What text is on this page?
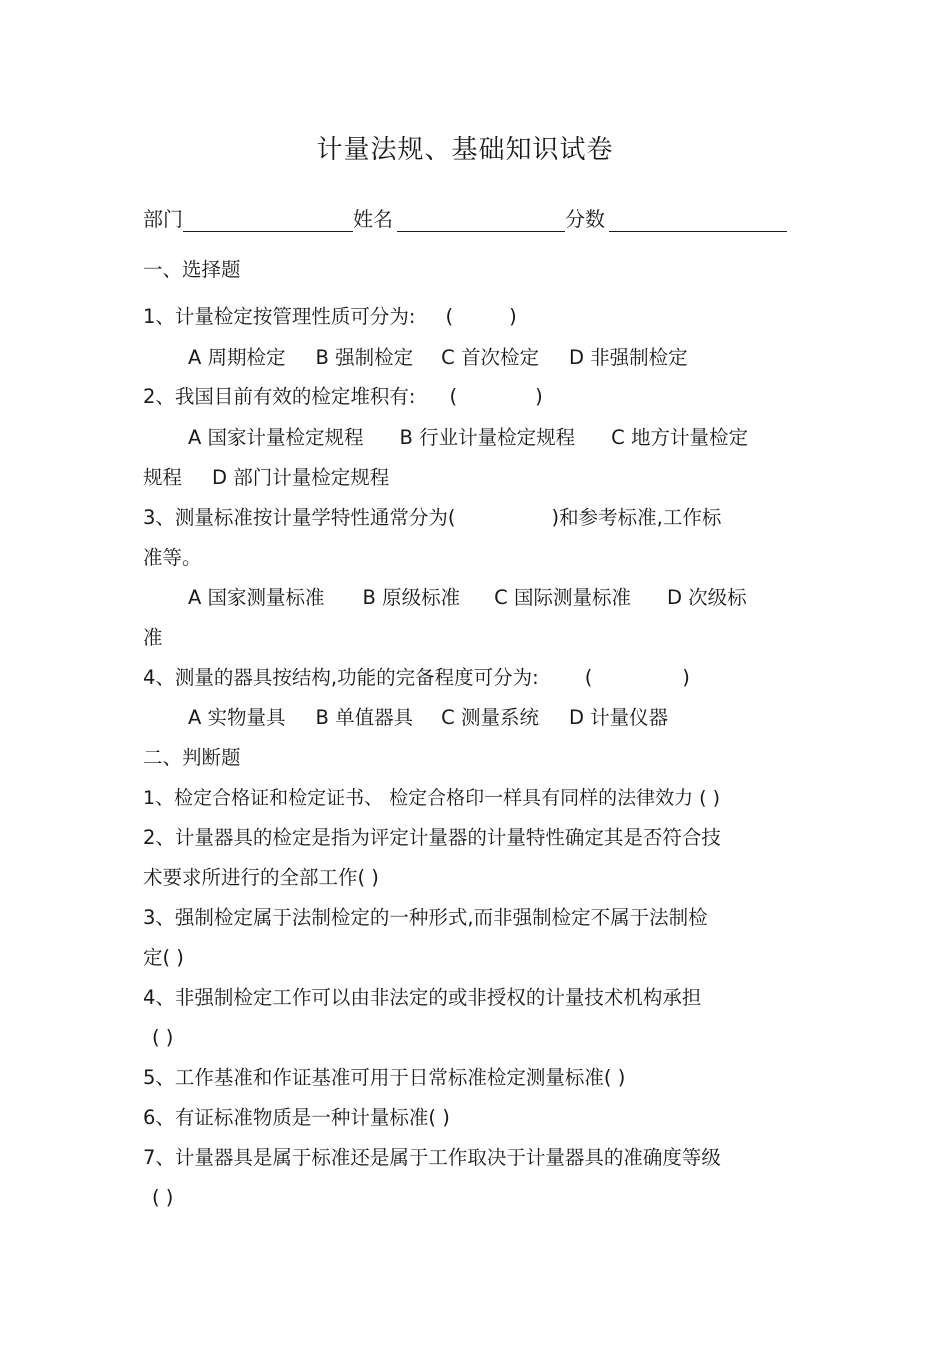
计量法规、基础知识试卷
部门	姓名	分数
一、选择题
1、计量检定按管理性质可分为: (	)
A 周期检定 B 强制检定 C 首次检定 D 非强制检定
2、我国目前有效的检定堆积有: (	)
A 国家计量检定规程 B 行业计量检定规程 C 地方计量检定
规程 D 部门计量检定规程
3、测量标准按计量学特性通常分为(	)和参考标准,工作标
准等。
A 国家测量标准 B 原级标准 C 国际测量标准 D 次级标
准
4、测量的器具按结构,功能的完备程度可分为: (	)
A 实物量具 B 单值器具 C 测量系统 D 计量仪器
二、判断题
1、检定合格证和检定证书、 检定合格印一样具有同样的法律效力 ( )
2、计量器具的检定是指为评定计量器的计量特性确定其是否符合技
术要求所进行的全部工作( )
3、强制检定属于法制检定的一种形式,而非强制检定不属于法制检
定( )
4、非强制检定工作可以由非法定的或非授权的计量技术机构承担
( )
5、工作基准和作证基准可用于日常标准检定测量标准( )
6、有证标准物质是一种计量标准( )
7、计量器具是属于标准还是属于工作取决于计量器具的准确度等级
( )
